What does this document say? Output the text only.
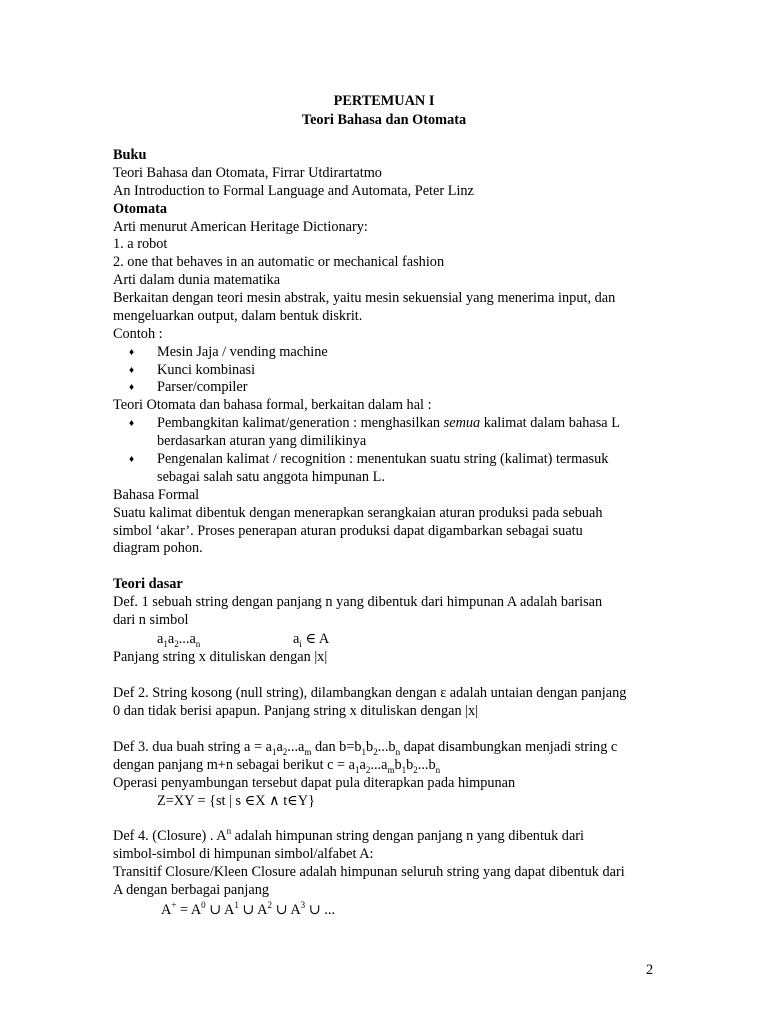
PERTEMUAN I
Teori Bahasa dan Otomata
Buku
Teori Bahasa dan Otomata, Firrar Utdirartatmo
An Introduction to Formal Language and Automata, Peter Linz
Otomata
Arti menurut American Heritage Dictionary:
1. a robot
2. one that behaves in an automatic or mechanical fashion
Arti dalam dunia matematika
Berkaitan dengan teori mesin abstrak, yaitu mesin sekuensial yang menerima input, dan
mengeluarkan output, dalam bentuk diskrit.
Contoh :
♦ Mesin Jaja / vending machine
♦ Kunci kombinasi
♦ Parser/compiler
Teori Otomata dan bahasa formal, berkaitan dalam hal :
♦ Pembangkitan kalimat/generation : menghasilkan semua kalimat dalam bahasa L
berdasarkan aturan yang dimilikinya
♦ Pengenalan kalimat / recognition : menentukan suatu string (kalimat) termasuk
sebagai salah satu anggota himpunan L.
Bahasa Formal
Suatu kalimat dibentuk dengan menerapkan serangkaian aturan produksi pada sebuah
simbol ‘akar’. Proses penerapan aturan produksi dapat digambarkan sebagai suatu
diagram pohon.
Teori dasar
Def. 1 sebuah string dengan panjang n yang dibentuk dari himpunan A adalah barisan
dari n simbol
$a_1a_2...a_n$	$a_i$ ∈ A
Panjang string x dituliskan dengan |x|
Def 2. String kosong (null string), dilambangkan dengan ε adalah untaian dengan panjang
0 dan tidak berisi apapun. Panjang string x dituliskan dengan |x|
Def 3. dua buah string $a = a_1a_2...a_m$ dan $b=b_1b_2...b_n$ dapat disambungkan menjadi string c
dengan panjang m+n sebagai berikut $c = a_1a_2...a_mb_1b_2...b_n$
Operasi penyambungan tersebut dapat pula diterapkan pada himpunan
Z=XY = {st | s ∈X ∧ t∈Y}
Def 4. (Closure) . $A^n$ adalah himpunan string dengan panjang n yang dibentuk dari
simbol-simbol di himpunan simbol/alfabet A:
Transitif Closure/Kleen Closure adalah himpunan seluruh string yang dapat dibentuk dari
A dengan berbagai panjang
$A^+ = A^0$ ∪ $A^1$ ∪ $A^2$ ∪ $A^3$ ∪ ...
2
